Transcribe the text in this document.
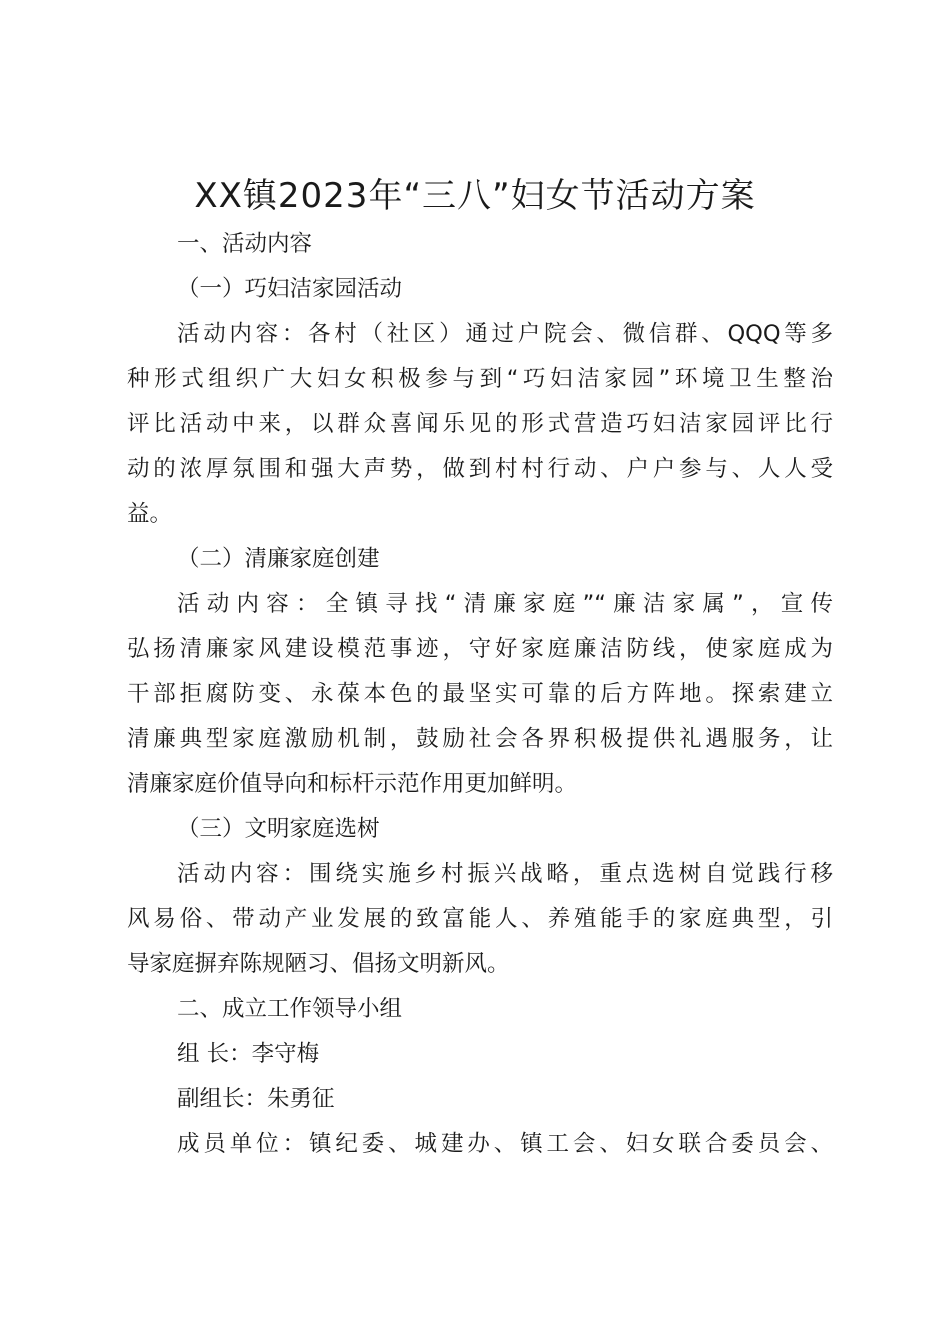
XX镇2023年“三八”妇女节活动方案
一、活动内容
（一）巧妇洁家园活动
活动内容：各村（社区）通过户院会、微信群、QQQ等多
种形式组织广大妇女积极参与到“巧妇洁家园”环境卫生整治
评比活动中来，以群众喜闻乐见的形式营造巧妇洁家园评比行
动的浓厚氛围和强大声势，做到村村行动、户户参与、人人受
益。
（二）清廉家庭创建
活动内容：全镇寻找“清廉家庭”“廉洁家属”，宣传
弘扬清廉家风建设模范事迹，守好家庭廉洁防线，使家庭成为
干部拒腐防变、永葆本色的最坚实可靠的后方阵地。探索建立
清廉典型家庭激励机制，鼓励社会各界积极提供礼遇服务，让
清廉家庭价值导向和标杆示范作用更加鲜明。
（三）文明家庭选树
活动内容：围绕实施乡村振兴战略，重点选树自觉践行移
风易俗、带动产业发展的致富能人、养殖能手的家庭典型，引
导家庭摒弃陈规陋习、倡扬文明新风。
二、成立工作领导小组
组 长：李守梅
副组长：朱勇征
成员单位：镇纪委、城建办、镇工会、妇女联合委员会、
